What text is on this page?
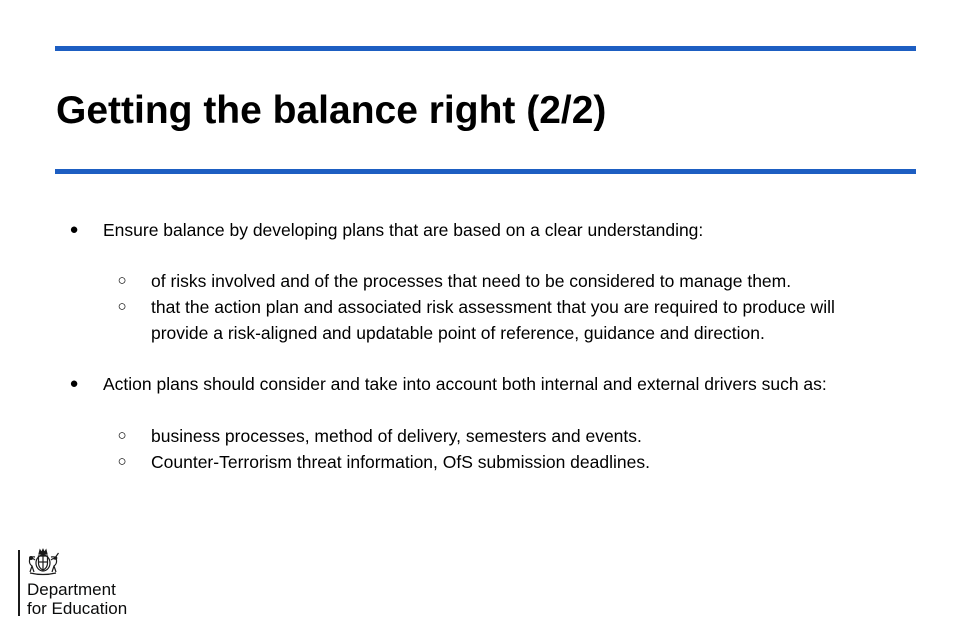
Getting the balance right (2/2)
● Ensure balance by developing plans that are based on a clear understanding:
○ of risks involved and of the processes that need to be considered to manage them.
○ that the action plan and associated risk assessment that you are required to produce will
provide a risk-aligned and updatable point of reference, guidance and direction.
● Action plans should consider and take into account both internal and external drivers such as:
○ business processes, method of delivery, semesters and events.
○ Counter-Terrorism threat information, OfS submission deadlines.
Department
for Education
